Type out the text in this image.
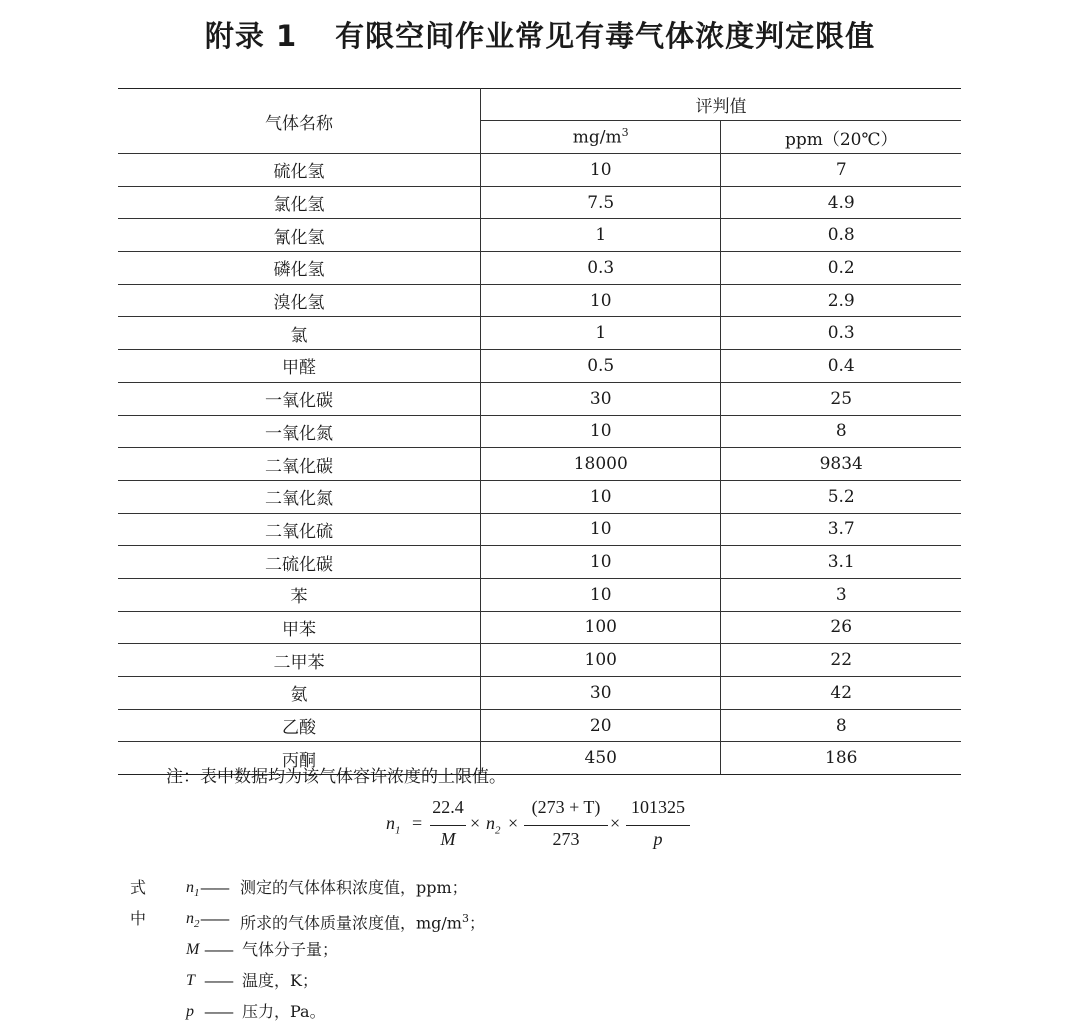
附录 1 有限空间作业常见有毒气体浓度判定限值
气体名称	评判值	
	$mg/m^3$	ppm（20℃）
硫化氢	10	7
氯化氢	7.5	4.9
氰化氢	1	0.8
磷化氢	0.3	0.2
溴化氢	10	2.9
氯	1	0.3
甲醛	0.5	0.4
一氧化碳	30	25
一氧化氮	10	8
二氧化碳	18000	9834
二氧化氮	10	5.2
二氧化硫	10	3.7
二硫化碳	10	3.1
苯	10	3
甲苯	100	26
二甲苯	100	22
氨	30	42
乙酸	20	8
丙酮	450	186
注：表中数据均为该气体容许浓度的上限值。
$n_1$ =
22.4
M
× $n_2$ ×
(273 + T)
273
×
101325
p
式中
$n_1$ —— 测定的气体体积浓度值，ppm；
$n_2$ —— 所求的气体质量浓度值，$mg/m^3$；
M —— 气体分子量；
T —— 温度，K；
p —— 压力，Pa。
